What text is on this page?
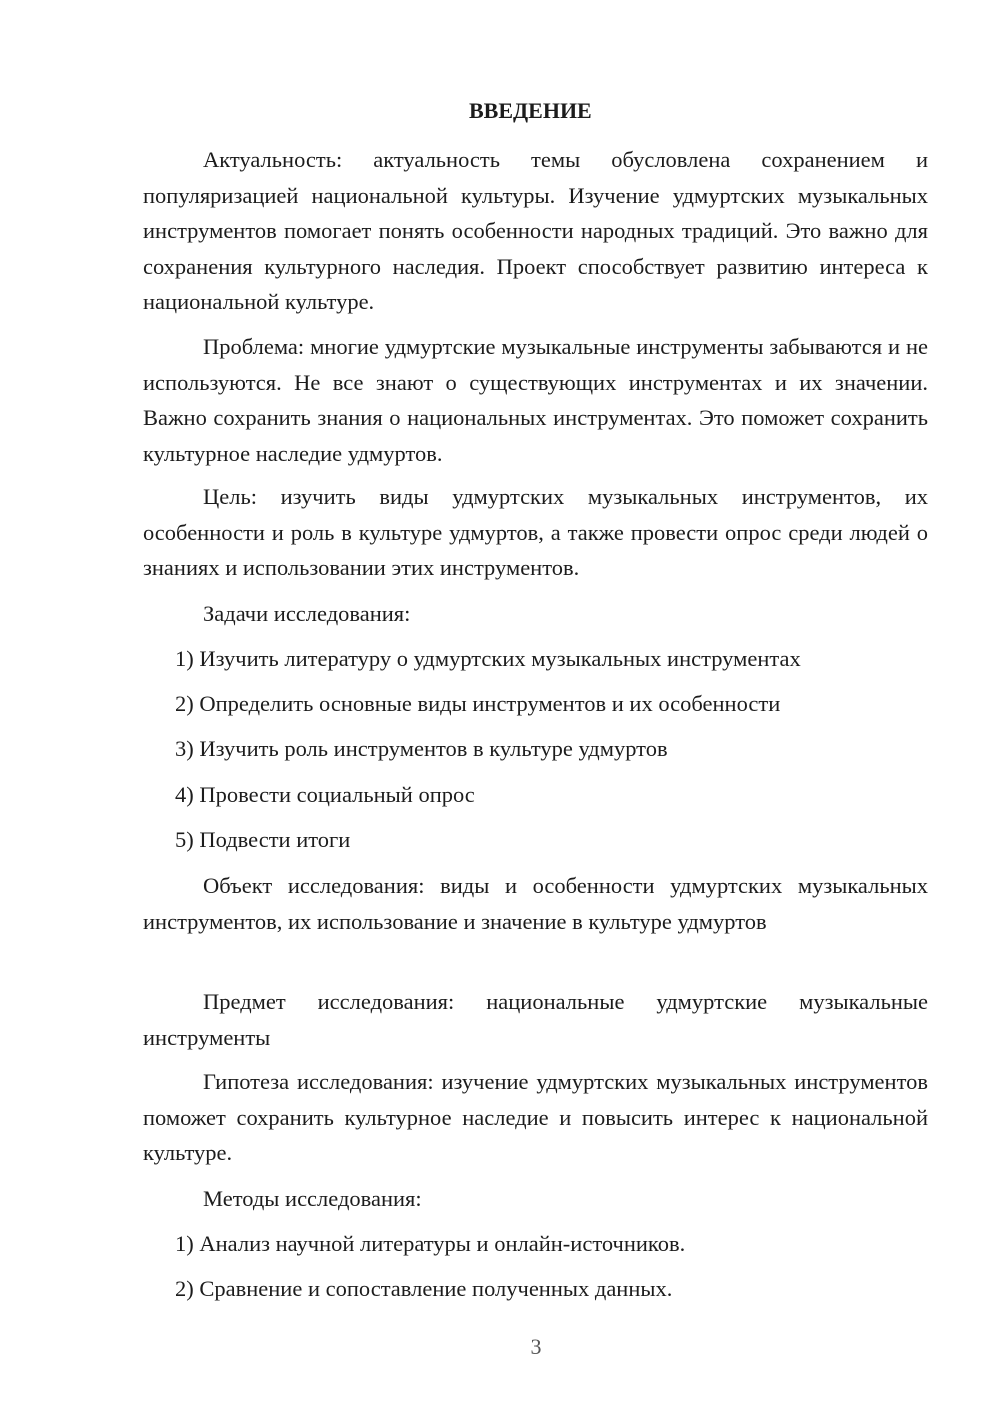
ВВЕДЕНИЕ

Актуальность: актуальность темы обусловлена сохранением и популяризацией национальной культуры. Изучение удмуртских музыкальных инструментов помогает понять особенности народных традиций. Это важно для сохранения культурного наследия. Проект способствует развитию интереса к национальной культуре.

Проблема: многие удмуртские музыкальные инструменты забываются и не используются. Не все знают о существующих инструментах и их значении. Важно сохранить знания о национальных инструментах. Это поможет сохранить культурное наследие удмуртов.

Цель: изучить виды удмуртских музыкальных инструментов, их особенности и роль в культуре удмуртов, а также провести опрос среди людей о знаниях и использовании этих инструментов.

Задачи исследования:

1) Изучить литературу о удмуртских музыкальных инструментах

2) Определить основные виды инструментов и их особенности

3) Изучить роль инструментов в культуре удмуртов

4) Провести социальный опрос

5) Подвести итоги

Объект исследования: виды и особенности удмуртских музыкальных инструментов, их использование и значение в культуре удмуртов

Предмет исследования: национальные удмуртские музыкальные инструменты

Гипотеза исследования: изучение удмуртских музыкальных инструментов поможет сохранить культурное наследие и повысить интерес к национальной культуре.

Методы исследования:

1) Анализ научной литературы и онлайн-источников.

2) Сравнение и сопоставление полученных данных.

3
